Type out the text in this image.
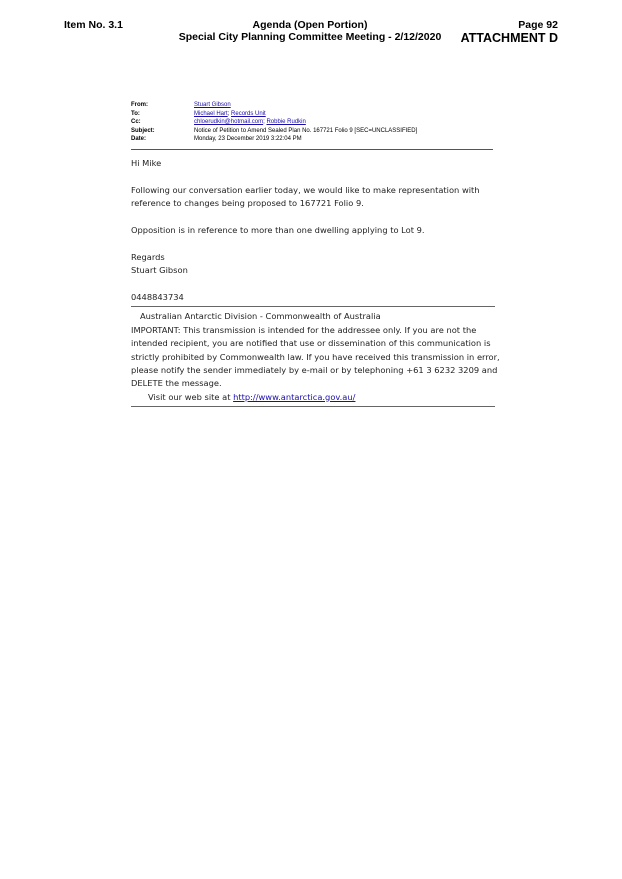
Item No. 3.1	Agenda (Open Portion)
Special City Planning Committee Meeting - 2/12/2020
Page 92
ATTACHMENT D
From:	Stuart Gibson
To:	Michael Hart; Records Unit
Cc:	chloerudkin@hotmail.com; Robbie Rudkin
Subject:	Notice of Petition to Amend Sealed Plan No. 167721 Folio 9 [SEC=UNCLASSIFIED]
Date:	Monday, 23 December 2019 3:22:04 PM

Hi Mike

Following our conversation earlier today, we would like to make representation with

reference to changes being proposed to 167721 Folio 9.

Opposition is in reference to more than one dwelling applying to Lot 9.

Regards

Stuart Gibson

0448843734

Australian Antarctic Division - Commonwealth of Australia

IMPORTANT: This transmission is intended for the addressee only. If you are not the

intended recipient, you are notified that use or dissemination of this communication is

strictly prohibited by Commonwealth law. If you have received this transmission in error,

please notify the sender immediately by e-mail or by telephoning +61 3 6232 3209 and

DELETE the message.

Visit our web site at http://www.antarctica.gov.au/
